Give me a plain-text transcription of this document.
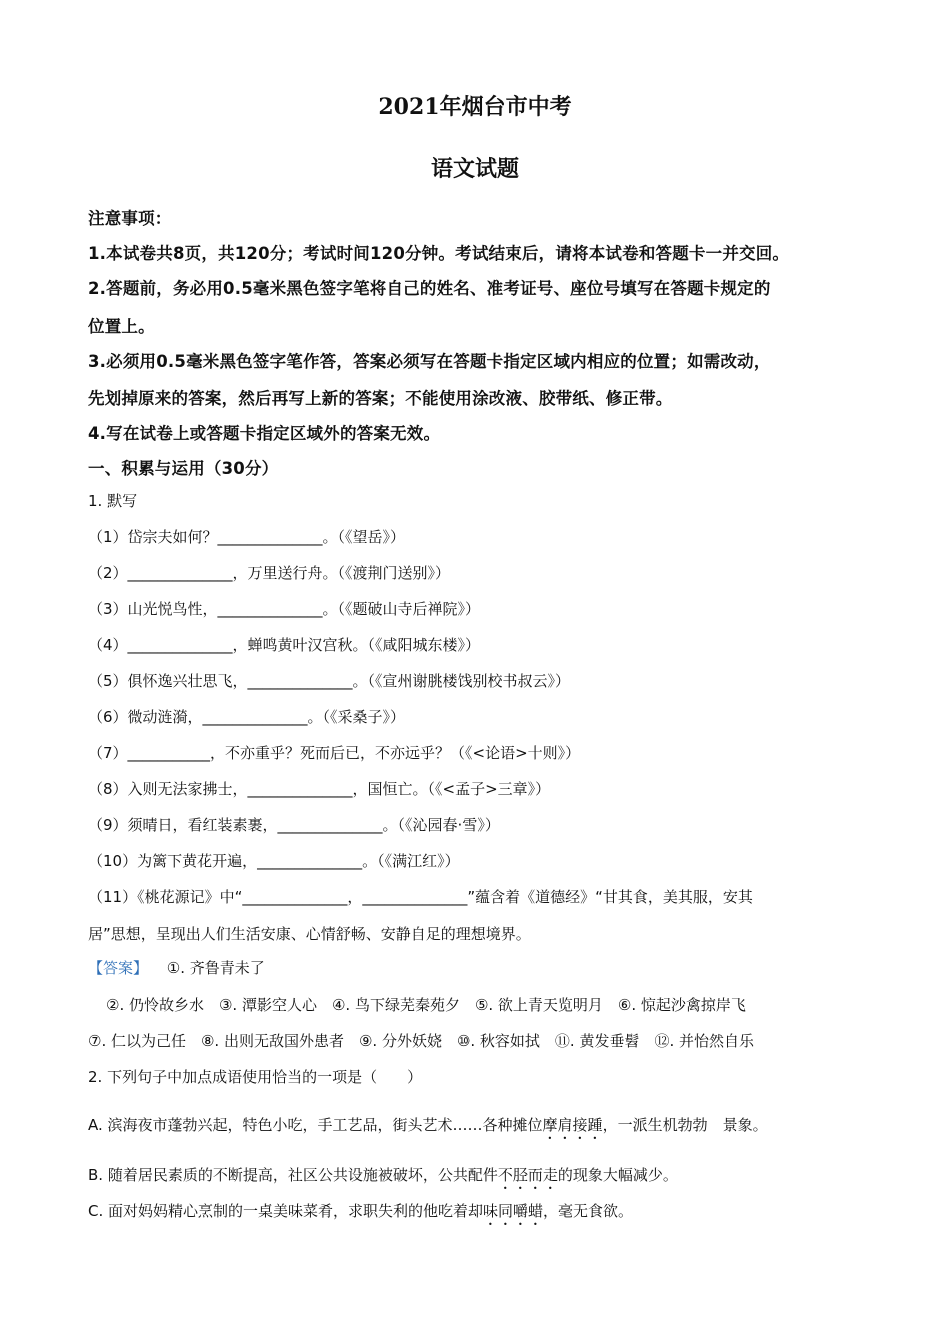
2021年烟台市中考
语文试题
注意事项：
1.本试卷共8页，共120分；考试时间120分钟。考试结束后，请将本试卷和答题卡一并交回。
2.答题前，务必用0.5毫米黑色签字笔将自己的姓名、准考证号、座位号填写在答题卡规定的
位置上。
3.必须用0.5毫米黑色签字笔作答，答案必须写在答题卡指定区域内相应的位置；如需改动，
先划掉原来的答案，然后再写上新的答案；不能使用涂改液、胶带纸、修正带。
4.写在试卷上或答题卡指定区域外的答案无效。
一、积累与运用（30分）
1. 默写
（1）岱宗夫如何？______________。（《望岳》）
（2）______________，万里送行舟。（《渡荆门送别》）
（3）山光悦鸟性，______________。（《题破山寺后禅院》）
（4）______________，蝉鸣黄叶汉宫秋。（《咸阳城东楼》）
（5）俱怀逸兴壮思飞，______________。（《宣州谢朓楼饯别校书叔云》）
（6）微动涟漪，______________。（《采桑子》）
（7）___________，不亦重乎？死而后已，不亦远乎？（《<论语>十则》）
（8）入则无法家拂士，______________，国恒亡。（《<孟子>三章》）
（9）须晴日，看红装素裹，______________。（《沁园春·雪》）
（10）为篱下黄花开遍，______________。（《满江红》）
（11）《桃花源记》中“______________，______________”蕴含着《道德经》“甘其食，美其服，安其
居”思想，呈现出人们生活安康、心情舒畅、安静自足的理想境界。
【答案】 ①. 齐鲁青未了
②. 仍怜故乡水　③. 潭影空人心　④. 鸟下绿芜秦苑夕　⑤. 欲上青天览明月　⑥. 惊起沙禽掠岸飞
⑦. 仁以为己任　⑧. 出则无敌国外患者　⑨. 分外妖娆　⑩. 秋容如拭　⑪. 黄发垂髫　⑫. 并怡然自乐
2. 下列句子中加点成语使用恰当的一项是（　　）
A. 滨海夜市蓬勃兴起，特色小吃，手工艺品，街头艺术……各种摊位摩肩接踵，一派生机勃勃　景象。
B. 随着居民素质的不断提高，社区公共设施被破坏，公共配件不胫而走的现象大幅减少。
C. 面对妈妈精心烹制的一桌美味菜肴，求职失利的他吃着却味同嚼蜡，毫无食欲。
